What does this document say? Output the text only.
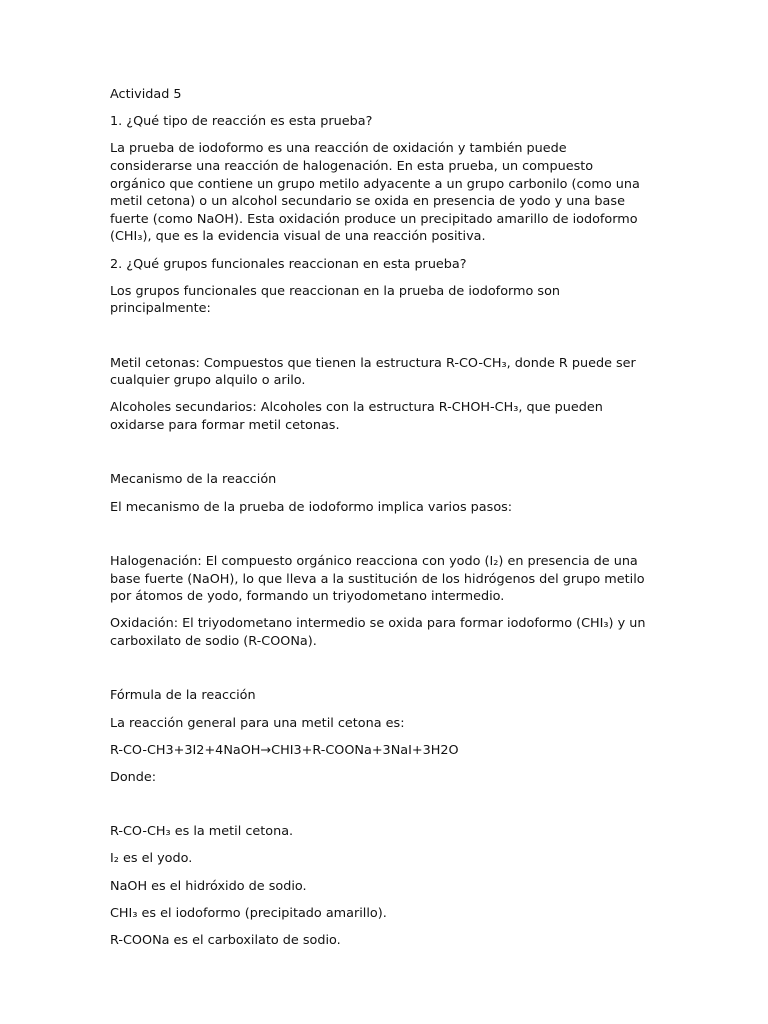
Actividad 5

1. ¿Qué tipo de reacción es esta prueba?

La prueba de iodoformo es una reacción de oxidación y también puede considerarse una reacción de halogenación. En esta prueba, un compuesto orgánico que contiene un grupo metilo adyacente a un grupo carbonilo (como una metil cetona) o un alcohol secundario se oxida en presencia de yodo y una base fuerte (como NaOH). Esta oxidación produce un precipitado amarillo de iodoformo (CHI₃), que es la evidencia visual de una reacción positiva.

2. ¿Qué grupos funcionales reaccionan en esta prueba?

Los grupos funcionales que reaccionan en la prueba de iodoformo son principalmente:

Metil cetonas: Compuestos que tienen la estructura R-CO-CH₃, donde R puede ser cualquier grupo alquilo o arilo.

Alcoholes secundarios: Alcoholes con la estructura R-CHOH-CH₃, que pueden oxidarse para formar metil cetonas.

Mecanismo de la reacción

El mecanismo de la prueba de iodoformo implica varios pasos:

Halogenación: El compuesto orgánico reacciona con yodo (I₂) en presencia de una base fuerte (NaOH), lo que lleva a la sustitución de los hidrógenos del grupo metilo por átomos de yodo, formando un triyodometano intermedio.

Oxidación: El triyodometano intermedio se oxida para formar iodoformo (CHI₃) y un carboxilato de sodio (R-COONa).

Fórmula de la reacción

La reacción general para una metil cetona es:

R-CO-CH3+3I2+4NaOH→CHI3+R-COONa+3NaI+3H2O

Donde:

R-CO-CH₃ es la metil cetona.

I₂ es el yodo.

NaOH es el hidróxido de sodio.

CHI₃ es el iodoformo (precipitado amarillo).

R-COONa es el carboxilato de sodio.
